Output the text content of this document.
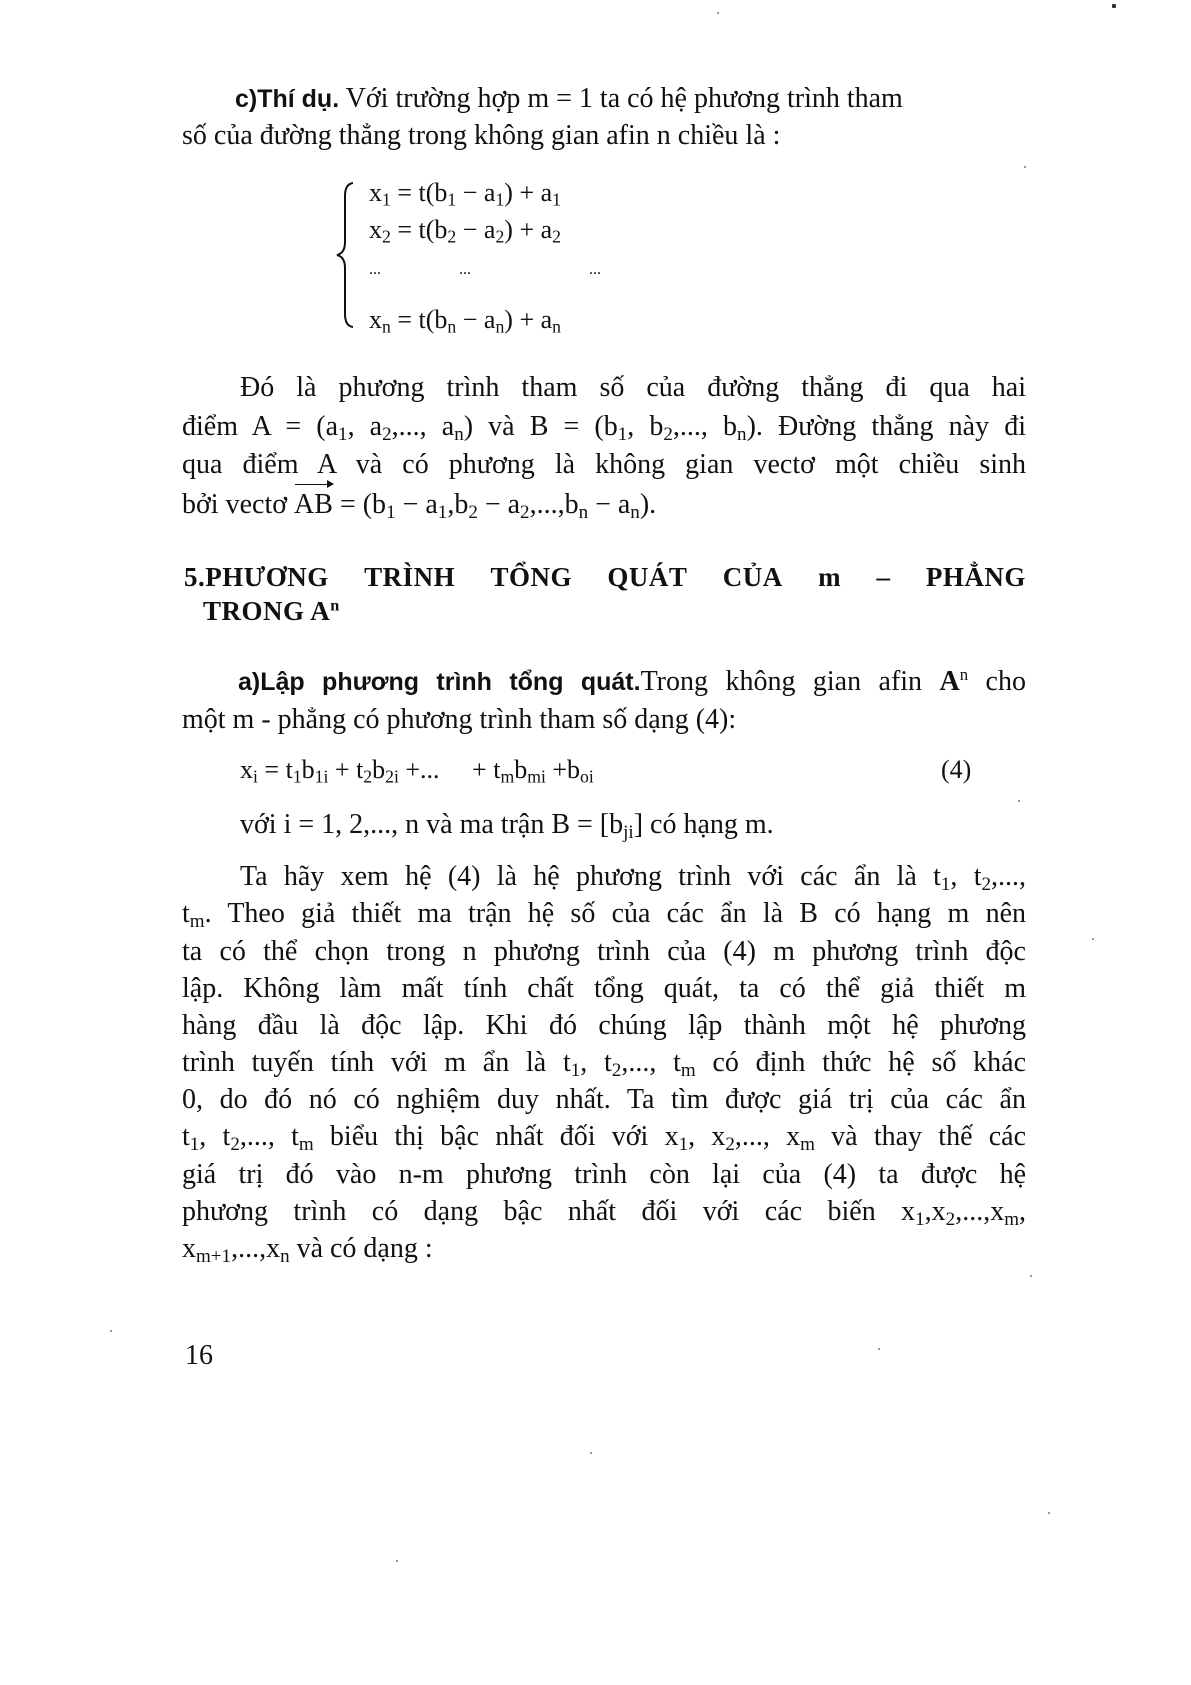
c)Thí dụ. Với trường hợp m = 1 ta có hệ phương trình tham
số của đường thẳng trong không gian afin n chiều là :
$x_1 = t(b_1 - a_1) + a_1$
$x_2 = t(b_2 - a_2) + a_2$
...	...	...
$x_n = t(b_n - a_n) + a_n$
Đó là phương trình tham số của đường thẳng đi qua hai
điểm $A = (a_1$, $a_2$,..., $a_n$) và $B = (b_1$, $b_2$,..., $b_n$). Đường thẳng này đi
qua điểm A và có phương là không gian vectơ một chiều sinh
bởi vectơ AB = $(b_1 - a_1,b_2 - a_2,...,b_n - a_n)$.
5.PHƯƠNG TRÌNH TỔNG QUÁT CỦA m – PHẲNG
TRONG $A^n$
a)Lập phương trình tổng quát.Trong không gian afin $A^n$ cho
một m - phẳng có phương trình tham số dạng (4):
$x_i = t_1b_{1i} + t_2b_{2i}$ +...     + $t_mb_{mi} +b_{oi}$	(4)
với i = 1, 2,..., n và ma trận $B = [b_{ji}]$ có hạng m.
Ta hãy xem hệ (4) là hệ phương trình với các ẩn là $t_1$, $t_2$,...,
$t_m$. Theo giả thiết ma trận hệ số của các ẩn là B có hạng m nên
ta có thể chọn trong n phương trình của (4) m phương trình độc
lập. Không làm mất tính chất tổng quát, ta có thể giả thiết m
hàng đầu là độc lập. Khi đó chúng lập thành một hệ phương
trình tuyến tính với m ẩn là $t_1$, $t_2$,..., $t_m$ có định thức hệ số khác
0, do đó nó có nghiệm duy nhất. Ta tìm được giá trị của các ẩn
$t_1$, $t_2$,..., $t_m$ biểu thị bậc nhất đối với $x_1$, $x_2$,..., $x_m$ và thay thế các
giá trị đó vào n-m phương trình còn lại của (4) ta được hệ
phương trình có dạng bậc nhất đối với các biến $x_1,x_2,...,x_m$,
$x_{m+1},...,x_n$ và có dạng :
16
